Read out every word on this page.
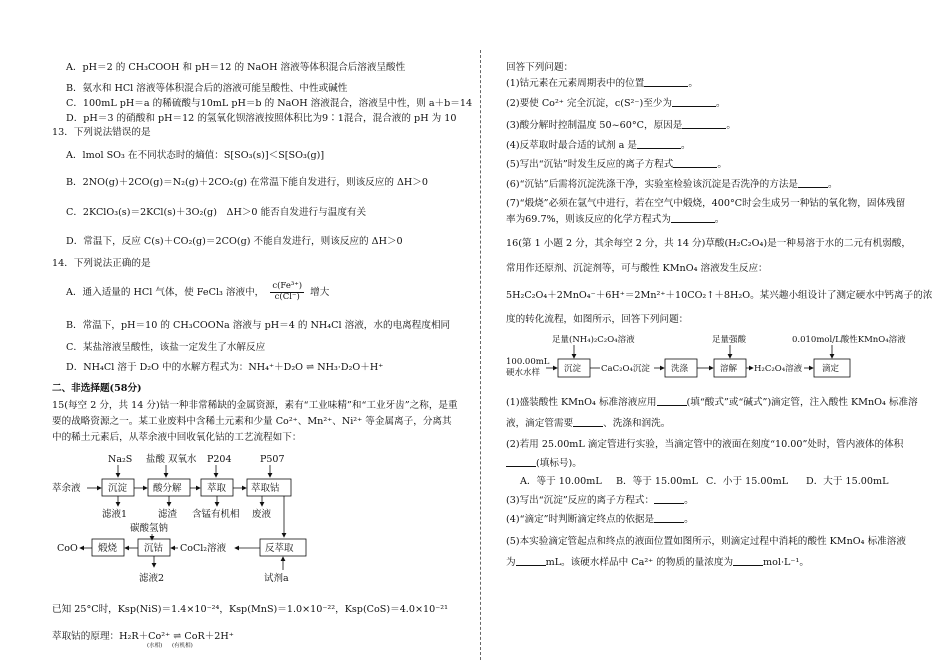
A．pH＝2 的 CH₃COOH 和 pH＝12 的 NaOH 溶液等体积混合后溶液呈酸性
B．氨水和 HCl 溶液等体积混合后的溶液可能呈酸性、中性或碱性
C．100mL pH＝a 的稀硫酸与10mL pH＝b 的 NaOH 溶液混合，溶液呈中性，则 a＋b＝14
D．pH＝3 的硝酸和 pH＝12 的氢氧化钡溶液按照体积比为9∶1混合，混合液的 pH 为 10
13．下列说法错误的是
A．lmol SO₃ 在不同状态时的熵值：S[SO₃(s)]＜S[SO₃(g)]
B．2NO(g)＋2CO(g)＝N₂(g)＋2CO₂(g) 在常温下能自发进行，则该反应的 ΔH＞0
C．2KClO₃(s)＝2KCl(s)＋3O₂(g)　ΔH＞0 能否自发进行与温度有关
D．常温下，反应 C(s)＋CO₂(g)＝2CO(g) 不能自发进行，则该反应的 ΔH＞0
14．下列说法正确的是
A．通入适量的 HCl 气体，使 FeCl₃ 溶液中， $\frac{\text{c(Fe³⁺)}}{c(Cl^-)}$ 增大
B．常温下，pH＝10 的 CH₃COONa 溶液与 pH＝4 的 NH₄Cl 溶液，水的电离程度相同
C．某盐溶液呈酸性，该盐一定发生了水解反应
D．NH₄Cl 溶于 D₂O 中的水解方程式为：NH₄⁺＋D₂O ⇌ NH₃·D₂O＋H⁺
二、非选择题(58分)
15(每空 2 分，共 14 分)钴一种非常稀缺的金属资源，素有“工业味精”和“工业牙齿”之称，是重
要的战略资源之一。某工业废料中含稀土元素和少量 Co²⁺、Mn²⁺、Ni²⁺ 等金属离子，分离其
中的稀土元素后，从萃余液中回收氧化钴的工艺流程如下：
Na₂S 盐酸 双氧水 P204	P507
萃余液	沉淀	酸分解	萃取	萃取钴
滤液1	滤渣 含锰有机相 废液
碳酸氢钠
反萃取
CoCl₂溶液
沉钴
煅烧
CoO
试剂a
滤液2
已知 25°C时，Ksp(NiS)＝1.4×10⁻²⁴，Ksp(MnS)＝1.0×10⁻²²，Ksp(CoS)＝4.0×10⁻²¹
萃取钴的原理：H₂R＋Co²⁺ ⇌ CoR＋2H⁺
(水相) (有机相)
回答下列问题：
(1)钴元素在元素周期表中的位置	。
(2)要使 Co²⁺ 完全沉淀，c(S²⁻)至少为	。
(3)酸分解时控制温度 50~60°C，原因是	。
(4)反萃取时最合适的试剂 a 是	。
(5)写出“沉钴”时发生反应的离子方程式	。
(6)“沉钴”后需将沉淀洗涤干净，实验室检验该沉淀是否洗净的方法是	。
(7)“煅烧”必须在氩气中进行，若在空气中煅烧，400°C时会生成另一种钴的氧化物，固体残留
率为69.7%，则该反应的化学方程式为	。
16(第 1 小题 2 分，其余每空 2 分，共 14 分)草酸(H₂C₂O₄)是一种易溶于水的二元有机弱酸，
常用作还原剂、沉淀剂等，可与酸性 KMnO₄ 溶液发生反应：
5H₂C₂O₄＋2MnO₄⁻＋6H⁺＝2Mn²⁺＋10CO₂↑＋8H₂O。某兴趣小组设计了测定硬水中钙离子的浓
度的转化流程，如图所示，回答下列问题：
足量(NH₄)₂C₂O₄溶液	足量强酸	0.010mol/L酸性KMnO₄溶液
100.00mL
硬水水样	沉淀 CaC₂O₄沉淀 洗涤	溶解 H₂C₂O₄溶液 滴定
(1)盛装酸性 KMnO₄ 标准溶液应用	(填“酸式”或“碱式”)滴定管，注入酸性 KMnO₄ 标准溶
液，滴定管需要	、洗涤和润洗。
(2)若用 25.00mL 滴定管进行实验，当滴定管中的液面在刻度“10.00”处时，管内液体的体积
(填标号)。
A．等于 10.00mL B．等于 15.00mL C．小于 15.00mL D．大于 15.00mL
(3)写出“沉淀”反应的离子方程式：	。
(4)“滴定”时判断滴定终点的依据是	。
(5)本实验滴定管起点和终点的液面位置如图所示，则滴定过程中消耗的酸性 KMnO₄ 标准溶液
为	mL。该硬水样品中 Ca²⁺ 的物质的量浓度为	mol·L⁻¹。
